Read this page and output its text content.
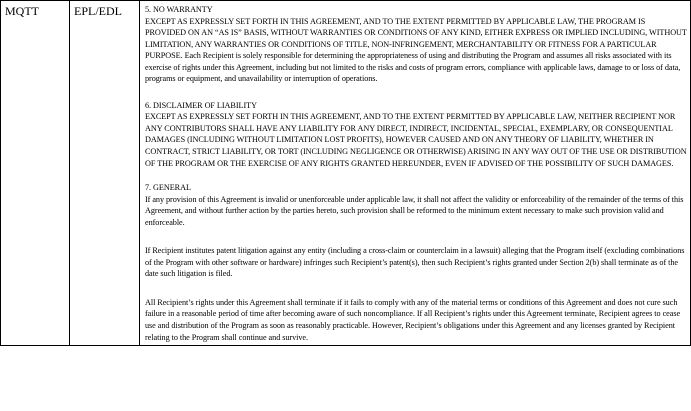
MQTT	EPL/EDL	5. NO WARRANTY
EXCEPT AS EXPRESSLY SET FORTH IN THIS AGREEMENT, AND TO THE EXTENT PERMITTED BY APPLICABLE LAW, THE PROGRAM IS PROVIDED ON AN “AS IS” BASIS, WITHOUT WARRANTIES OR CONDITIONS OF ANY KIND, EITHER EXPRESS OR IMPLIED INCLUDING, WITHOUT LIMITATION, ANY WARRANTIES OR CONDITIONS OF TITLE, NON-INFRINGEMENT, MERCHANTABILITY OR FITNESS FOR A PARTICULAR PURPOSE. Each Recipient is solely responsible for determining the appropriateness of using and distributing the Program and assumes all risks associated with its exercise of rights under this Agreement, including but not limited to the risks and costs of program errors, compliance with applicable laws, damage to or loss of data, programs or equipment, and unavailability or interruption of operations.
6. DISCLAIMER OF LIABILITY
EXCEPT AS EXPRESSLY SET FORTH IN THIS AGREEMENT, AND TO THE EXTENT PERMITTED BY APPLICABLE LAW, NEITHER RECIPIENT NOR ANY CONTRIBUTORS SHALL HAVE ANY LIABILITY FOR ANY DIRECT, INDIRECT, INCIDENTAL, SPECIAL, EXEMPLARY, OR CONSEQUENTIAL DAMAGES (INCLUDING WITHOUT LIMITATION LOST PROFITS), HOWEVER CAUSED AND ON ANY THEORY OF LIABILITY, WHETHER IN CONTRACT, STRICT LIABILITY, OR TORT (INCLUDING NEGLIGENCE OR OTHERWISE) ARISING IN ANY WAY OUT OF THE USE OR DISTRIBUTION OF THE PROGRAM OR THE EXERCISE OF ANY RIGHTS GRANTED HEREUNDER, EVEN IF ADVISED OF THE POSSIBILITY OF SUCH DAMAGES.
7. GENERAL
If any provision of this Agreement is invalid or unenforceable under applicable law, it shall not affect the validity or enforceability of the remainder of the terms of this Agreement, and without further action by the parties hereto, such provision shall be reformed to the minimum extent necessary to make such provision valid and enforceable.
If Recipient institutes patent litigation against any entity (including a cross-claim or counterclaim in a lawsuit) alleging that the Program itself (excluding combinations of the Program with other software or hardware) infringes such Recipient’s patent(s), then such Recipient’s rights granted under Section 2(b) shall terminate as of the date such litigation is filed.
All Recipient’s rights under this Agreement shall terminate if it fails to comply with any of the material terms or conditions of this Agreement and does not cure such failure in a reasonable period of time after becoming aware of such noncompliance. If all Recipient’s rights under this Agreement terminate, Recipient agrees to cease use and distribution of the Program as soon as reasonably practicable. However, Recipient’s obligations under this Agreement and any licenses granted by Recipient relating to the Program shall continue and survive.
